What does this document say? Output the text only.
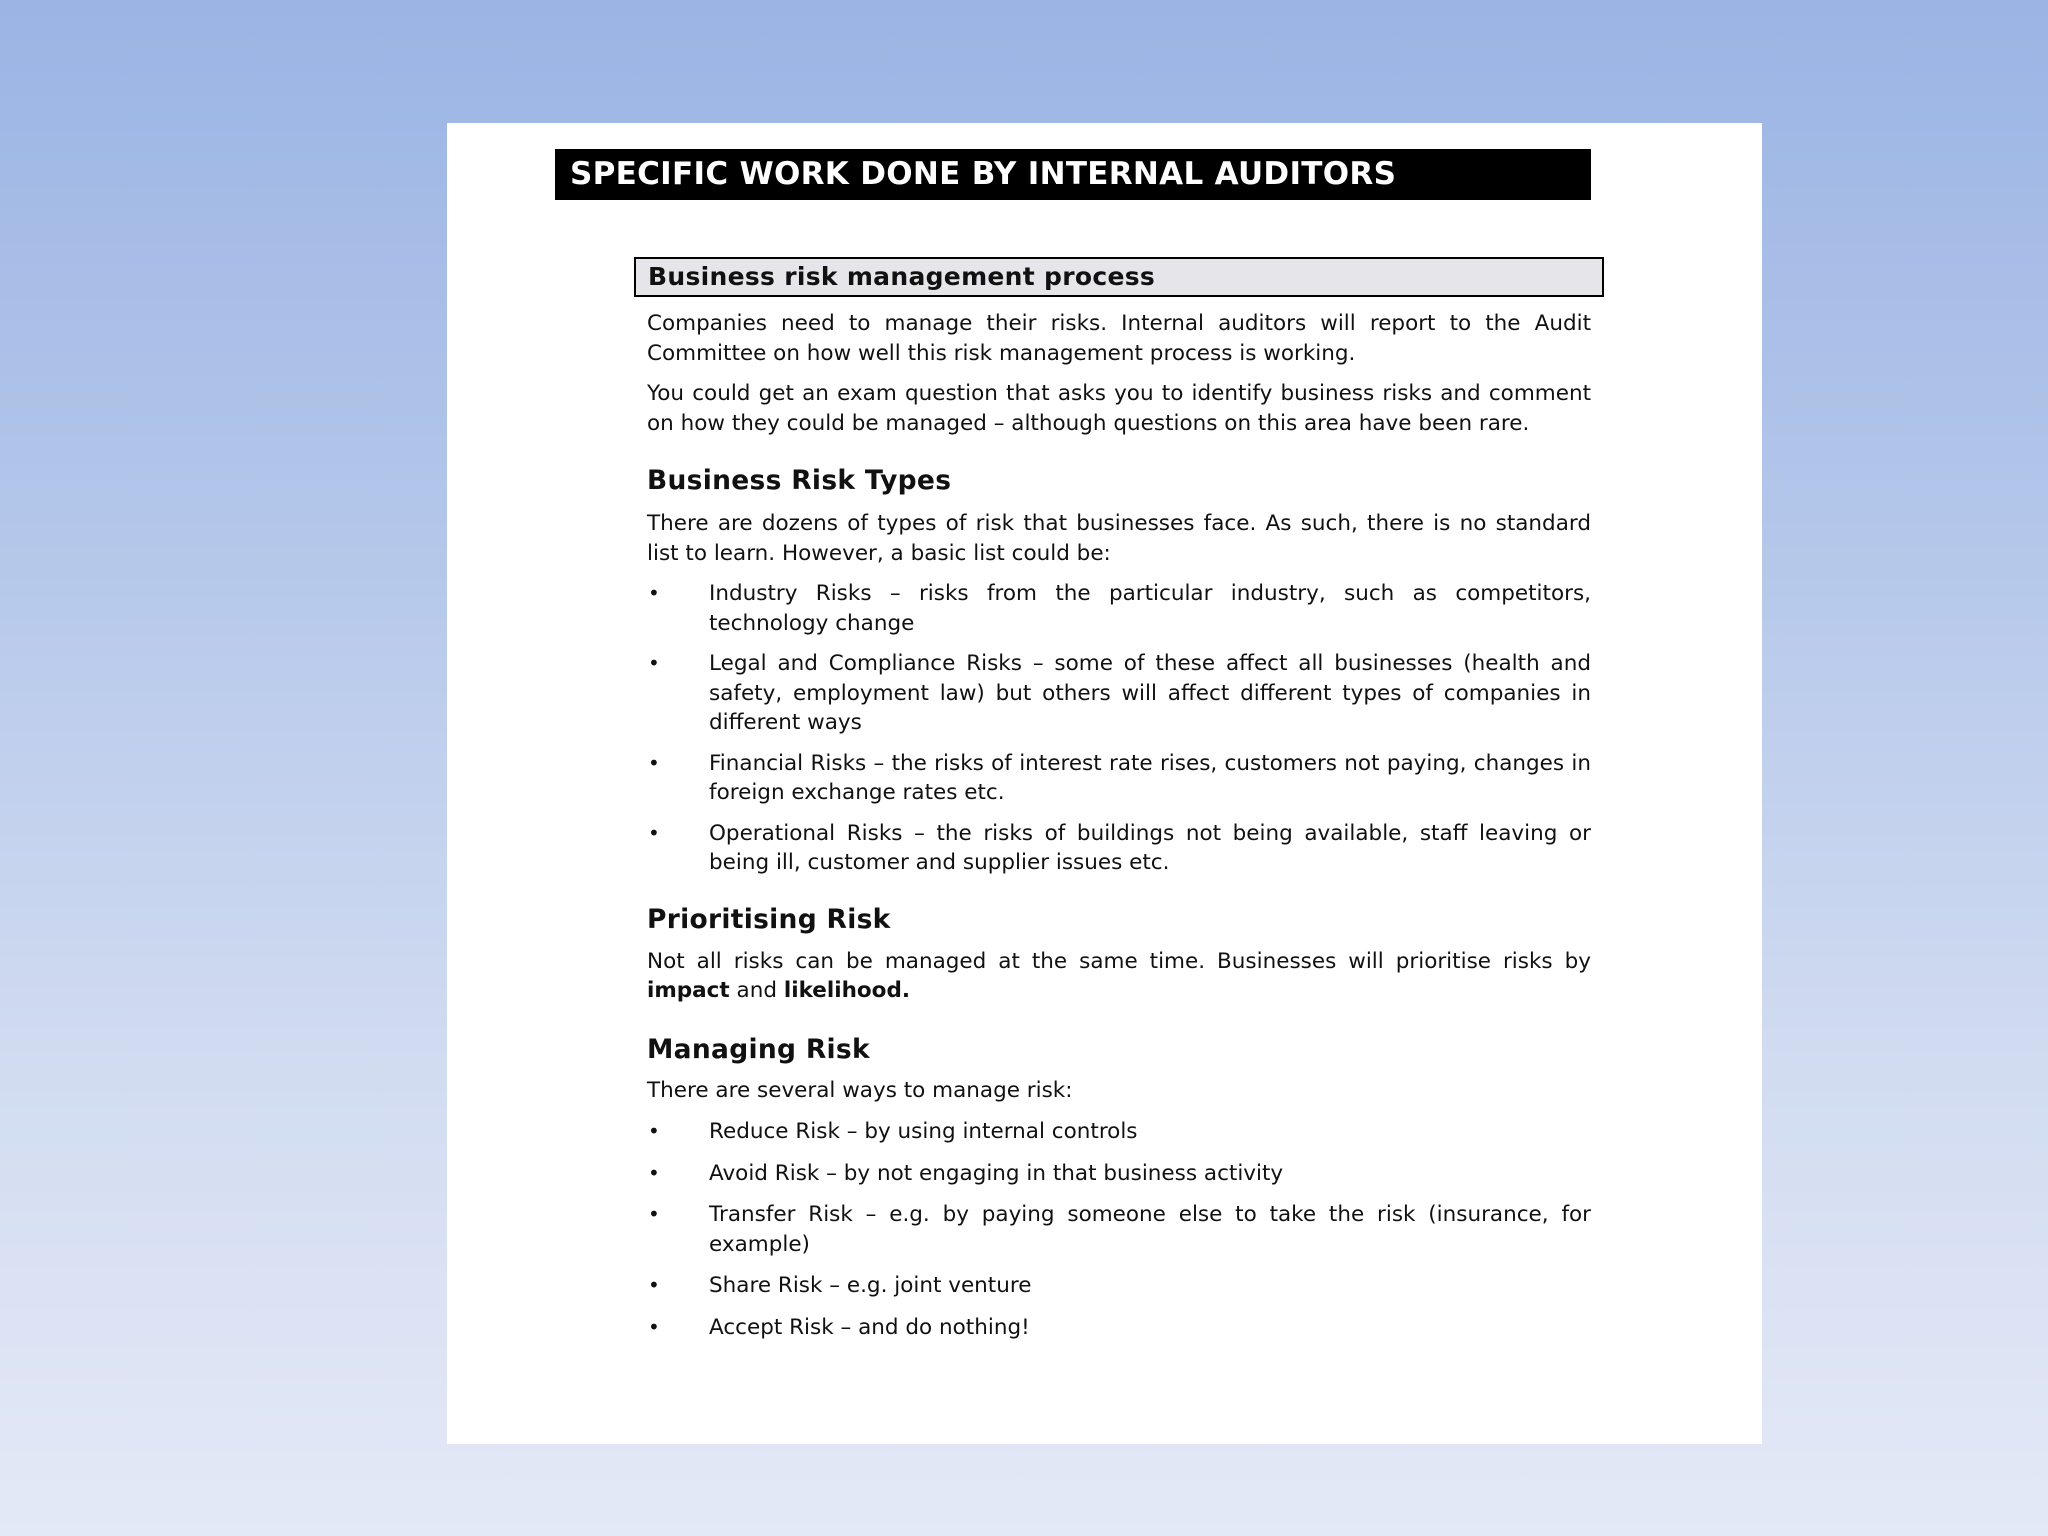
SPECIFIC WORK DONE BY INTERNAL AUDITORS
Business risk management process

Companies need to manage their risks. Internal auditors will report to the Audit Committee on how well this risk management process is working.

You could get an exam question that asks you to identify business risks and comment on how they could be managed – although questions on this area have been rare.

Business Risk Types

There are dozens of types of risk that businesses face. As such, there is no standard list to learn. However, a basic list could be:

•	Industry Risks – risks from the particular industry, such as competitors, technology change
•	Legal and Compliance Risks – some of these affect all businesses (health and safety, employment law) but others will affect different types of companies in different ways
•	Financial Risks – the risks of interest rate rises, customers not paying, changes in foreign exchange rates etc.
•	Operational Risks – the risks of buildings not being available, staff leaving or being ill, customer and supplier issues etc.
Prioritising Risk

Not all risks can be managed at the same time. Businesses will prioritise risks by impact and likelihood.

Managing Risk

There are several ways to manage risk:

•	Reduce Risk – by using internal controls
•	Avoid Risk – by not engaging in that business activity
•	Transfer Risk – e.g. by paying someone else to take the risk (insurance, for example)
•	Share Risk – e.g. joint venture
•	Accept Risk – and do nothing!
